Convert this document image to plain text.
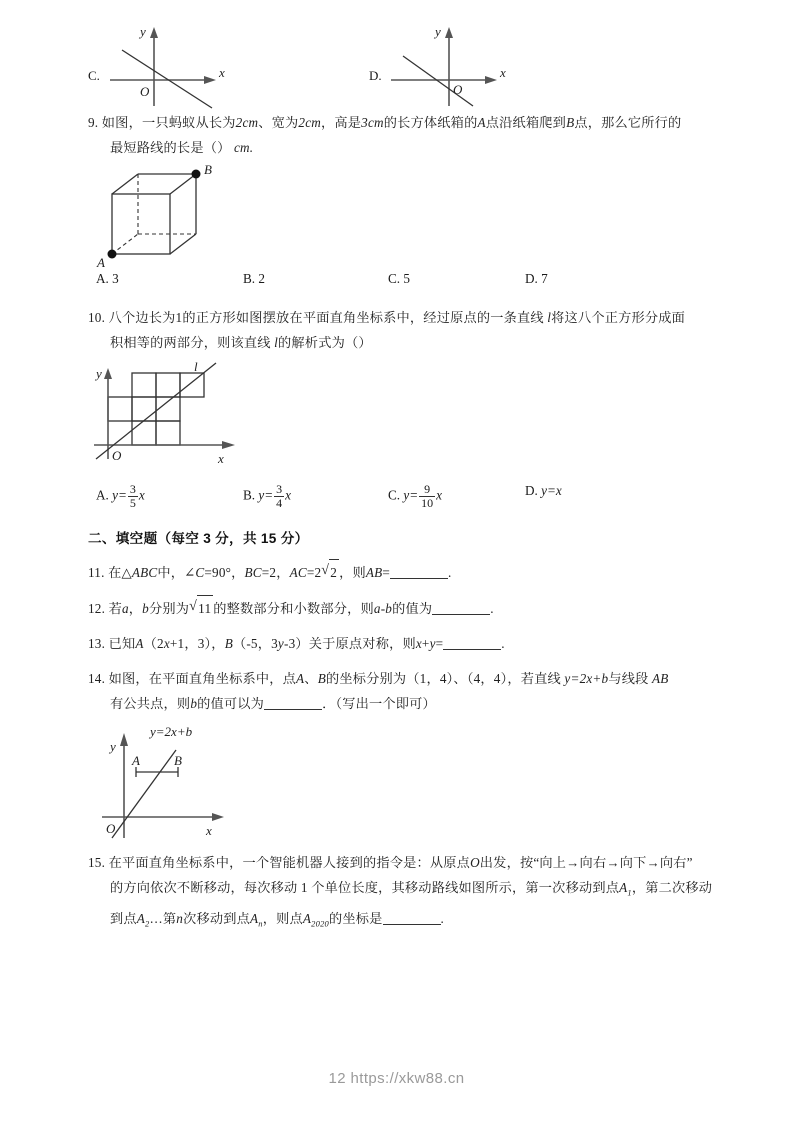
C.
y
x
O
D.
y
x
O
9. 如图，一只蚂蚁从长为2cm、宽为2cm，高是3cm的长方体纸箱的A点沿纸箱爬到B点，那么它所行的
最短路线的长是（） cm.
B
A
A. 3	B. 2	C. 5	D. 7
10. 八个边长为1的正方形如图摆放在平面直角坐标系中，经过原点的一条直线 l将这八个正方形分成面
积相等的两部分，则该直线 l的解析式为（）
y
x
O
l
A. $y= \frac{3}{5}$ x	B. $y= \frac{3}{4}$ x	C. $y= \frac{9}{10}$ x	D. y=x
二、填空题（每空 3 分，共 15 分）
11. 在△ABC中，∠C=90°，BC=2，AC=2 √ 2 ，则AB=	.
12. 若a，b分别为 √ 11 的整数部分和小数部分，则a-b的值为	.
13. 已知A（2x+1，3），B（-5，3y-3）关于原点对称，则x+y=	.
14. 如图，在平面直角坐标系中，点A、B的坐标分别为（1，4）、（4，4），若直线 y=2x+b与线段 AB
有公共点，则b的值可以为	．（写出一个即可）
y=2x+b
A	B
y
x
O
15. 在平面直角坐标系中，一个智能机器人接到的指令是：从原点O出发，按“向上→向右→向下→向右”
的方向依次不断移动，每次移动 1 个单位长度，其移动路线如图所示，第一次移动到点$A_1$，第二次移动
到点$A_2\dots$第n次移动到点$A_n$，则点$A_{2020}$的坐标是	.
12 https://xkw88.cn
